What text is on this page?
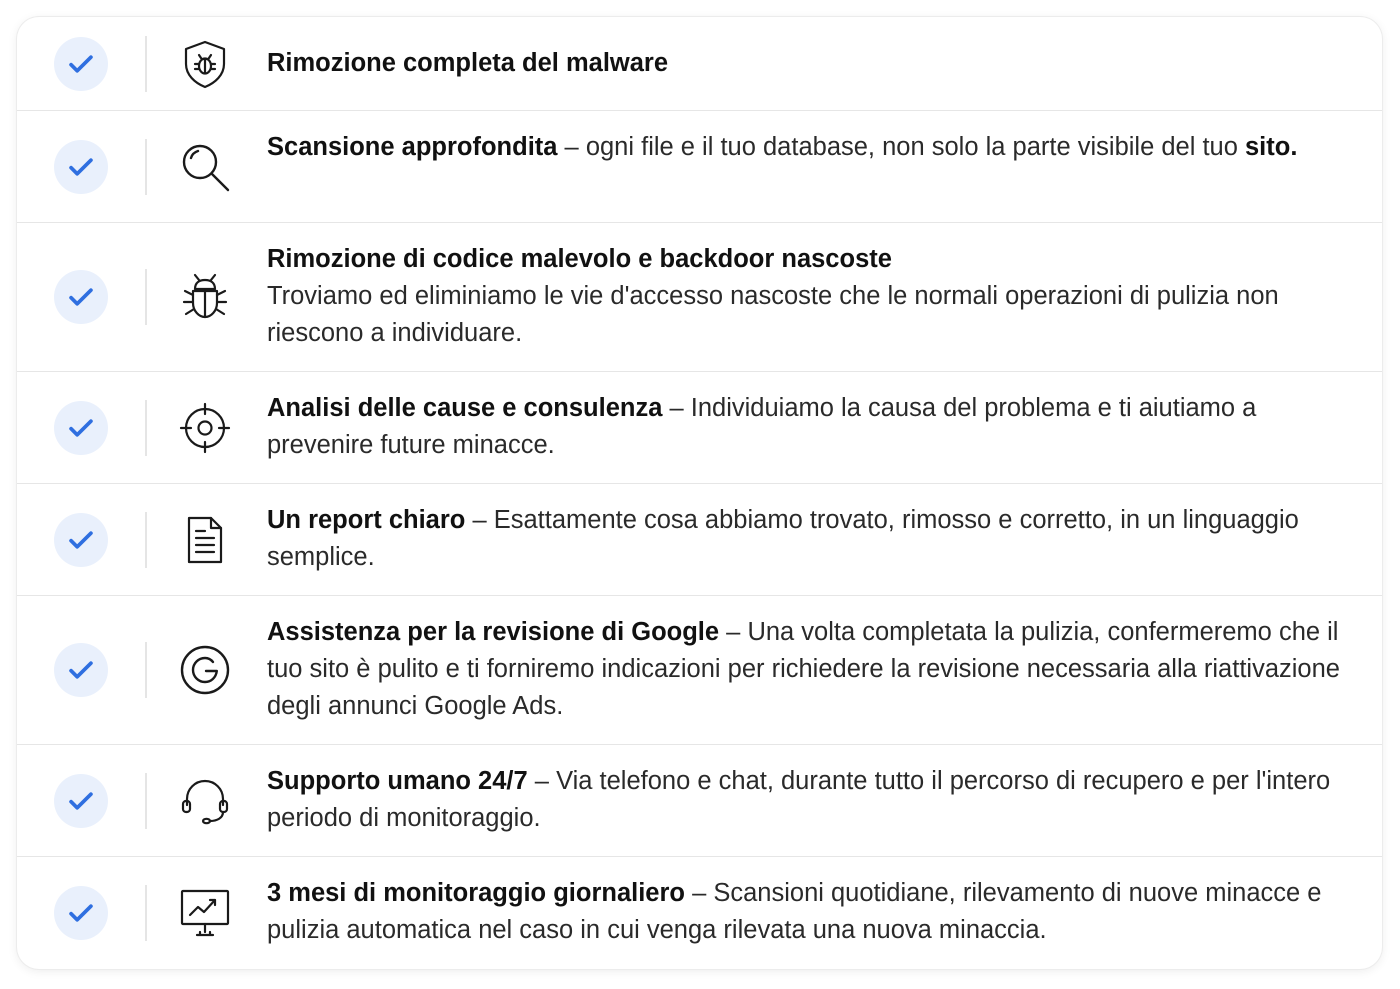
Rimozione completa del malware
Scansione approfondita – ogni file e il tuo database, non solo la parte visibile del tuo sito.
Rimozione di codice malevolo e backdoor nascoste
Troviamo ed eliminiamo le vie d'accesso nascoste che le normali operazioni di pulizia non riescono a individuare.
Analisi delle cause e consulenza – Individuiamo la causa del problema e ti aiutiamo a prevenire future minacce.
Un report chiaro – Esattamente cosa abbiamo trovato, rimosso e corretto, in un linguaggio semplice.
Assistenza per la revisione di Google – Una volta completata la pulizia, confermeremo che il tuo sito è pulito e ti forniremo indicazioni per richiedere la revisione necessaria alla riattivazione degli annunci Google Ads.
Supporto umano 24/7 – Via telefono e chat, durante tutto il percorso di recupero e per l'intero periodo di monitoraggio.
3 mesi di monitoraggio giornaliero – Scansioni quotidiane, rilevamento di nuove minacce e pulizia automatica nel caso in cui venga rilevata una nuova minaccia.
